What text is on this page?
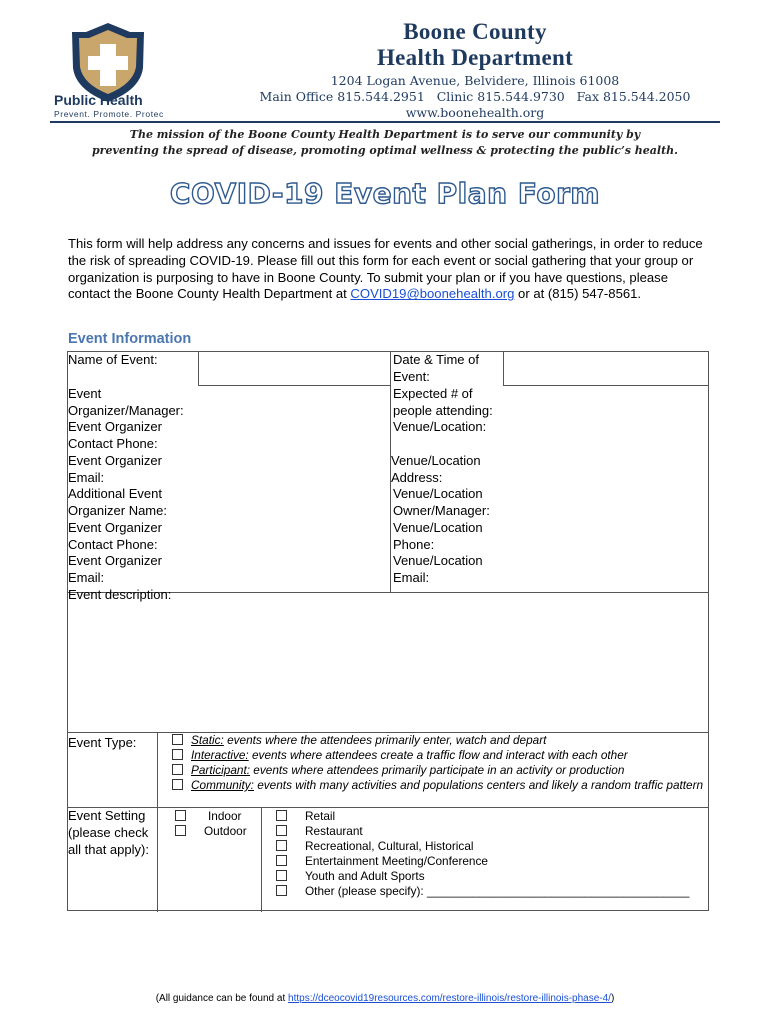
Public Health
Prevent. Promote. Protect.
Boone County
Health Department
1204 Logan Avenue, Belvidere, Illinois 61008
Main Office 815.544.2951   Clinic 815.544.9730   Fax 815.544.2050
www.boonehealth.org
The mission of the Boone County Health Department is to serve our community by
preventing the spread of disease, promoting optimal wellness & protecting the public’s health.
COVID-19 Event Plan Form
This form will help address any concerns and issues for events and other social gatherings, in order to reduce the risk of spreading COVID-19. Please fill out this form for each event or social gathering that your group or organization is purposing to have in Boone County. To submit your plan or if you have questions, please contact the Boone County Health Department at COVID19@boonehealth.org or at (815) 547-8561.
Event Information
Name of Event:
Event Organizer/Manager:
Event Organizer Contact Phone:
Event Organizer Email:
Additional Event Organizer Name:
Event Organizer Contact Phone:
Event Organizer Email:
Date & Time of Event:
Expected # of people attending:
Venue/Location:
Venue/Location Address:
Venue/Location Owner/Manager:
Venue/Location Phone:
Venue/Location Email:
Event description:
Event Type:	Static: events where the attendees primarily enter, watch and depart
Interactive: events where attendees create a traffic flow and interact with each other
Participant: events where attendees primarily participate in an activity or production
Community: events with many activities and populations centers and likely a random traffic pattern
Event Setting (please check all that apply):
Indoor
Outdoor
Retail
Restaurant
Recreational, Cultural, Historical
Entertainment Meeting/Conference
Youth and Adult Sports
Other (please specify): ________________________________________
(All guidance can be found at https://dceocovid19resources.com/restore-illinois/restore-illinois-phase-4/)
